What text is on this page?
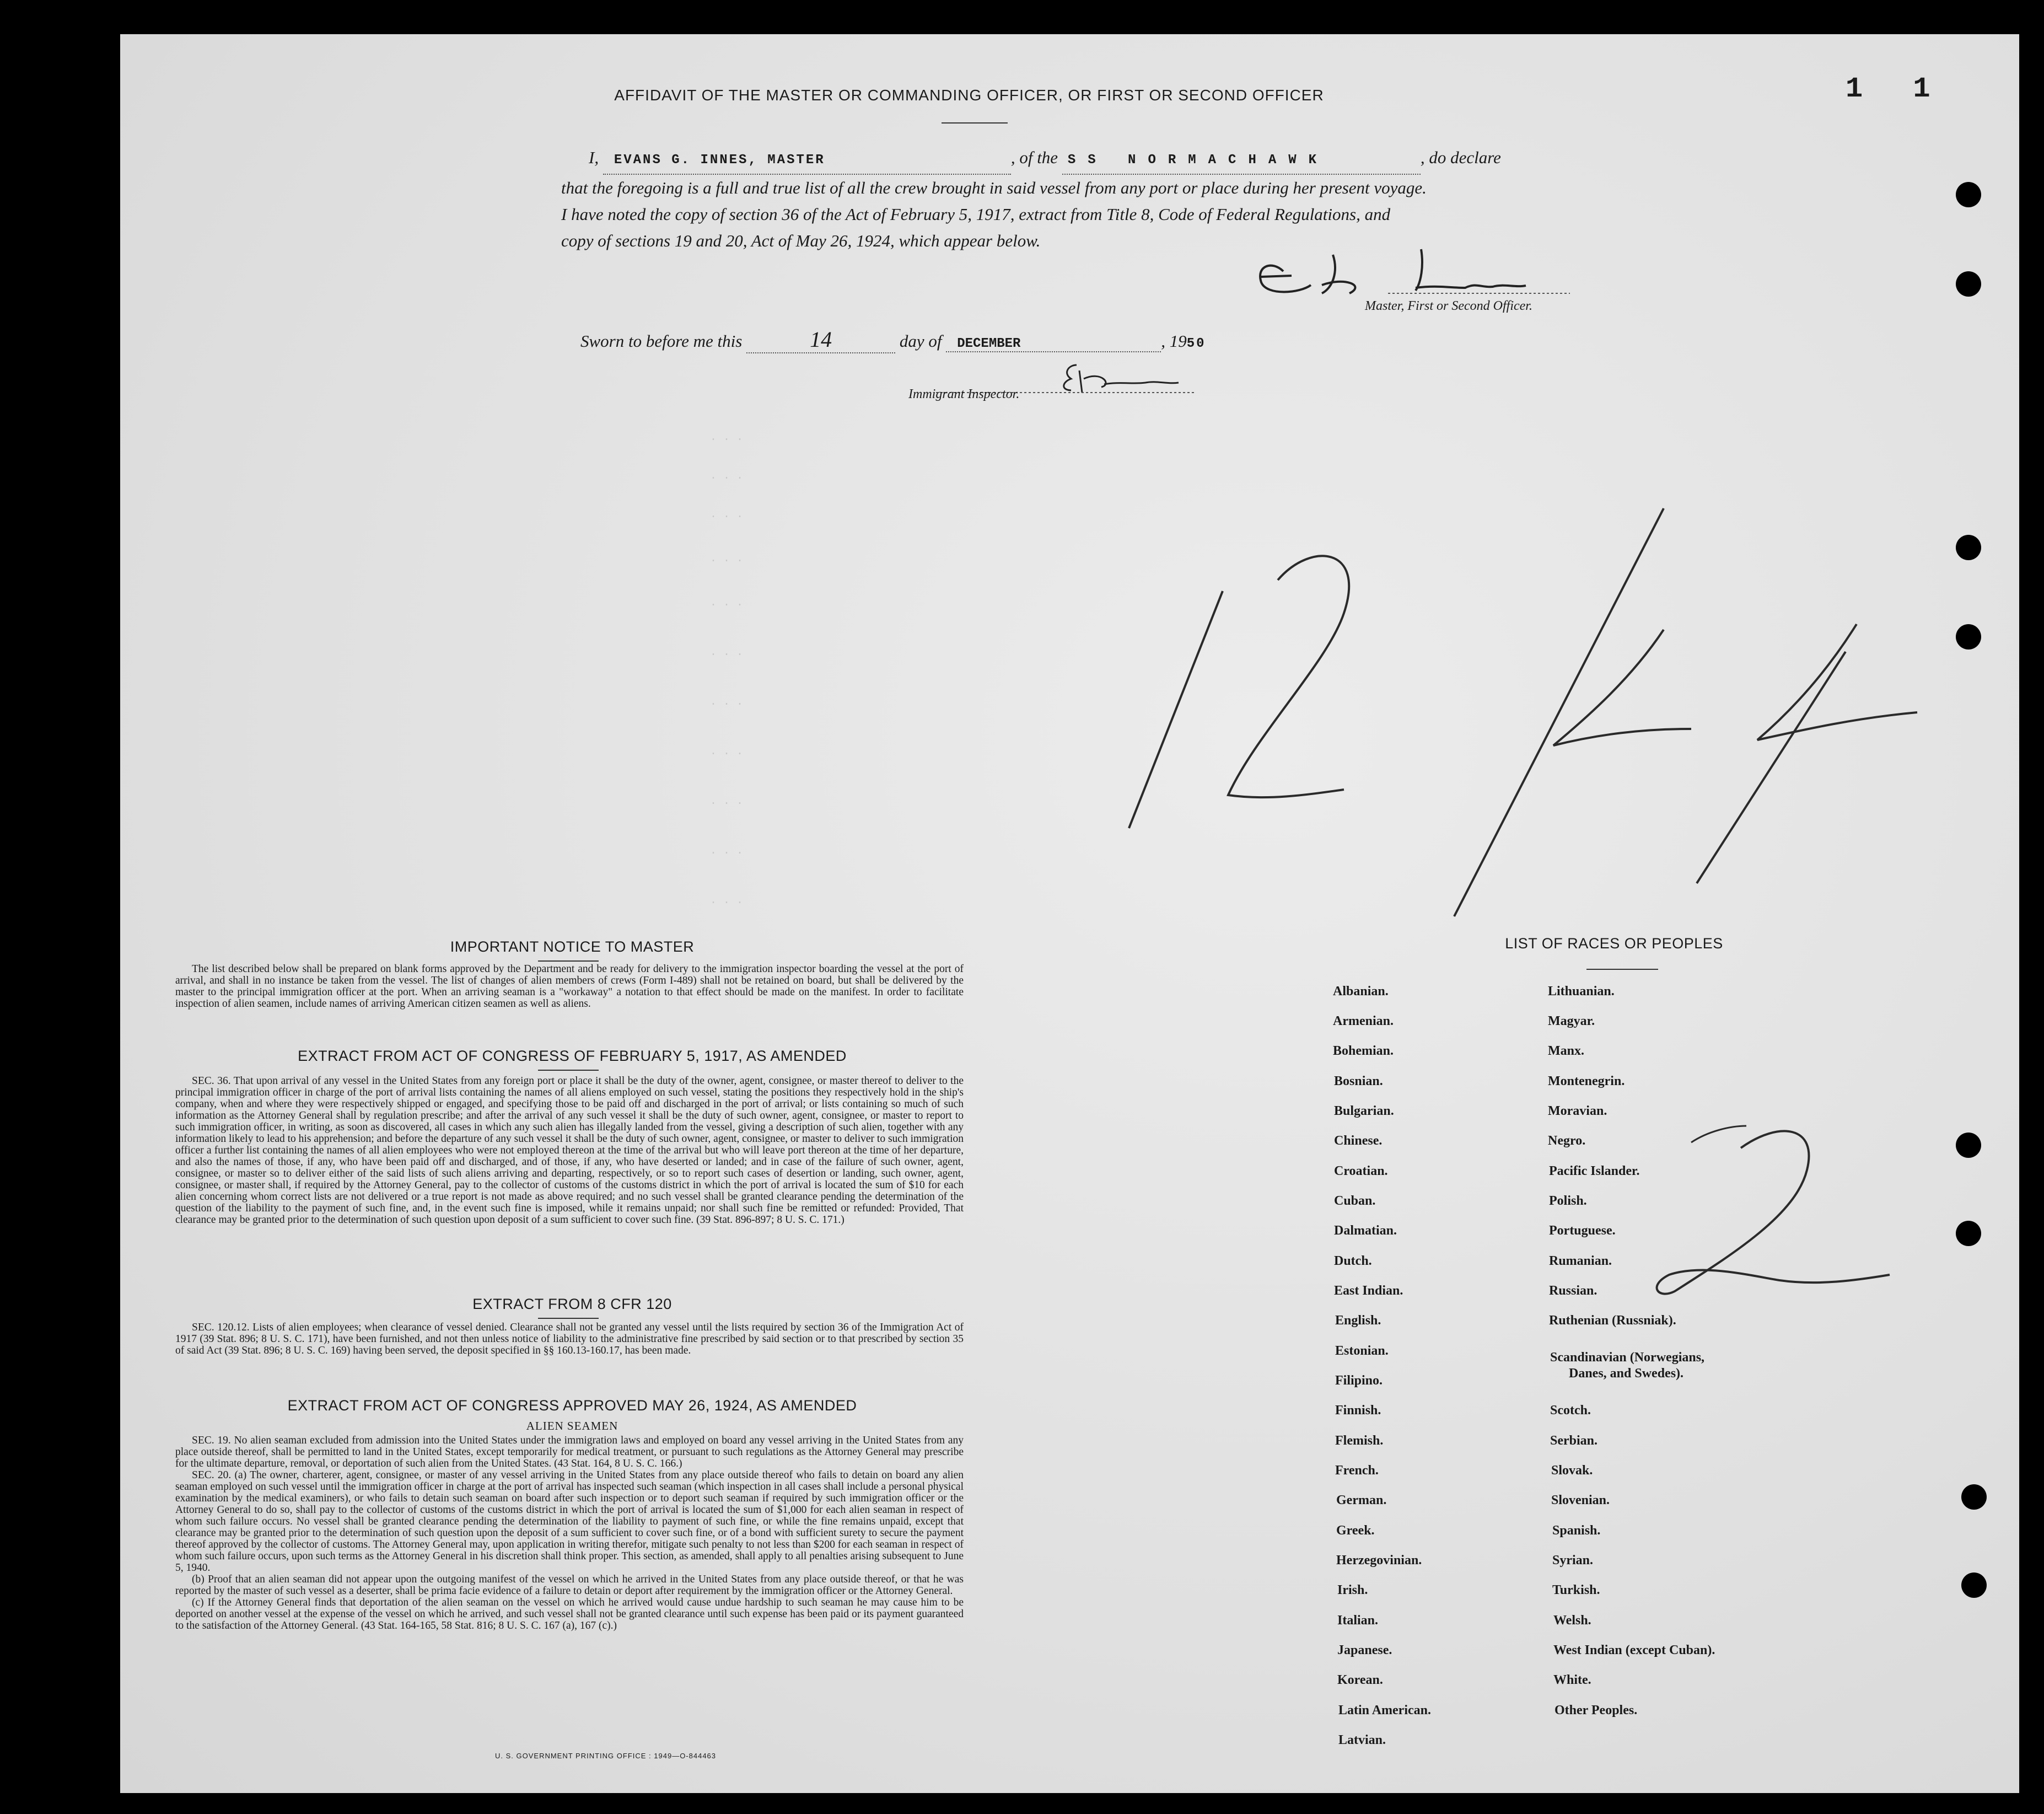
1 1
AFFIDAVIT OF THE MASTER OR COMMANDING OFFICER, OR FIRST OR SECOND OFFICER
I, EVANS G. INNES, MASTER	, of the SS NORMACHAWK	, do declare
that the foregoing is a full and true list of all the crew brought in said vessel from any port or place during her present voyage.
I have noted the copy of section 36 of the Act of February 5, 1917, extract from Title 8, Code of Federal Regulations, and
copy of sections 19 and 20, Act of May 26, 1924, which appear below.
Master, First or Second Officer.
Sworn to before me this	14	day of DECEMBER	, 1950
Immigrant Inspector.
. . .
. . .
. . .
. . .
. . .
. . .
. . .
. . .
. . .
. . .
. . .
12/14
2
IMPORTANT NOTICE TO MASTER

The list described below shall be prepared on blank forms approved by the Department and be ready for delivery to the immigration inspector boarding the vessel at the port of arrival, and shall in no instance be taken from the vessel. The list of changes of alien members of crews (Form I-489) shall not be retained on board, but shall be delivered by the master to the principal immigration officer at the port. When an arriving seaman is a "workaway" a notation to that effect should be made on the manifest. In order to facilitate inspection of alien seamen, include names of arriving American citizen seamen as well as aliens.

EXTRACT FROM ACT OF CONGRESS OF FEBRUARY 5, 1917, AS AMENDED

SEC. 36. That upon arrival of any vessel in the United States from any foreign port or place it shall be the duty of the owner, agent, consignee, or master thereof to deliver to the principal immigration officer in charge of the port of arrival lists containing the names of all aliens employed on such vessel, stating the positions they respectively hold in the ship's company, when and where they were respectively shipped or engaged, and specifying those to be paid off and discharged in the port of arrival; or lists containing so much of such information as the Attorney General shall by regulation prescribe; and after the arrival of any such vessel it shall be the duty of such owner, agent, consignee, or master to report to such immigration officer, in writing, as soon as discovered, all cases in which any such alien has illegally landed from the vessel, giving a description of such alien, together with any information likely to lead to his apprehension; and before the departure of any such vessel it shall be the duty of such owner, agent, consignee, or master to deliver to such immigration officer a further list containing the names of all alien employees who were not employed thereon at the time of the arrival but who will leave port thereon at the time of her departure, and also the names of those, if any, who have been paid off and discharged, and of those, if any, who have deserted or landed; and in case of the failure of such owner, agent, consignee, or master so to deliver either of the said lists of such aliens arriving and departing, respectively, or so to report such cases of desertion or landing, such owner, agent, consignee, or master shall, if required by the Attorney General, pay to the collector of customs of the customs district in which the port of arrival is located the sum of $10 for each alien concerning whom correct lists are not delivered or a true report is not made as above required; and no such vessel shall be granted clearance pending the determination of the question of the liability to the payment of such fine, and, in the event such fine is imposed, while it remains unpaid; nor shall such fine be remitted or refunded: Provided, That clearance may be granted prior to the determination of such question upon deposit of a sum sufficient to cover such fine. (39 Stat. 896-897; 8 U. S. C. 171.)

EXTRACT FROM 8 CFR 120

SEC. 120.12. Lists of alien employees; when clearance of vessel denied. Clearance shall not be granted any vessel until the lists required by section 36 of the Immigration Act of 1917 (39 Stat. 896; 8 U. S. C. 171), have been furnished, and not then unless notice of liability to the administrative fine prescribed by said section or to that prescribed by section 35 of said Act (39 Stat. 896; 8 U. S. C. 169) having been served, the deposit specified in §§ 160.13-160.17, has been made.

EXTRACT FROM ACT OF CONGRESS APPROVED MAY 26, 1924, AS AMENDED
ALIEN SEAMEN

SEC. 19. No alien seaman excluded from admission into the United States under the immigration laws and employed on board any vessel arriving in the United States from any place outside thereof, shall be permitted to land in the United States, except temporarily for medical treatment, or pursuant to such regulations as the Attorney General may prescribe for the ultimate departure, removal, or deportation of such alien from the United States. (43 Stat. 164, 8 U. S. C. 166.)

SEC. 20. (a) The owner, charterer, agent, consignee, or master of any vessel arriving in the United States from any place outside thereof who fails to detain on board any alien seaman employed on such vessel until the immigration officer in charge at the port of arrival has inspected such seaman (which inspection in all cases shall include a personal physical examination by the medical examiners), or who fails to detain such seaman on board after such inspection or to deport such seaman if required by such immigration officer or the Attorney General to do so, shall pay to the collector of customs of the customs district in which the port of arrival is located the sum of $1,000 for each alien seaman in respect of whom such failure occurs. No vessel shall be granted clearance pending the determination of the liability to payment of such fine, or while the fine remains unpaid, except that clearance may be granted prior to the determination of such question upon the deposit of a sum sufficient to cover such fine, or of a bond with sufficient surety to secure the payment thereof approved by the collector of customs. The Attorney General may, upon application in writing therefor, mitigate such penalty to not less than $200 for each seaman in respect of whom such failure occurs, upon such terms as the Attorney General in his discretion shall think proper. This section, as amended, shall apply to all penalties arising subsequent to June 5, 1940.

(b) Proof that an alien seaman did not appear upon the outgoing manifest of the vessel on which he arrived in the United States from any place outside thereof, or that he was reported by the master of such vessel as a deserter, shall be prima facie evidence of a failure to detain or deport after requirement by the immigration officer or the Attorney General.

(c) If the Attorney General finds that deportation of the alien seaman on the vessel on which he arrived would cause undue hardship to such seaman he may cause him to be deported on another vessel at the expense of the vessel on which he arrived, and such vessel shall not be granted clearance until such expense has been paid or its payment guaranteed to the satisfaction of the Attorney General. (43 Stat. 164-165, 58 Stat. 816; 8 U. S. C. 167 (a), 167 (c).)

U. S. GOVERNMENT PRINTING OFFICE : 1949—O-844463
LIST OF RACES OR PEOPLES
Albanian.
Armenian.
Bohemian.
Bosnian.
Bulgarian.
Chinese.
Croatian.
Cuban.
Dalmatian.
Dutch.
East Indian.
English.
Estonian.
Filipino.
Finnish.
Flemish.
French.
German.
Greek.
Herzegovinian.
Irish.
Italian.
Japanese.
Korean.
Latin American.
Latvian.
Lithuanian.
Magyar.
Manx.
Montenegrin.
Moravian.
Negro.
Pacific Islander.
Polish.
Portuguese.
Rumanian.
Russian.
Ruthenian (Russniak).
Scandinavian (Norwegians,
Danes, and Swedes).
Scotch.
Serbian.
Slovak.
Slovenian.
Spanish.
Syrian.
Turkish.
Welsh.
West Indian (except Cuban).
White.
Other Peoples.
